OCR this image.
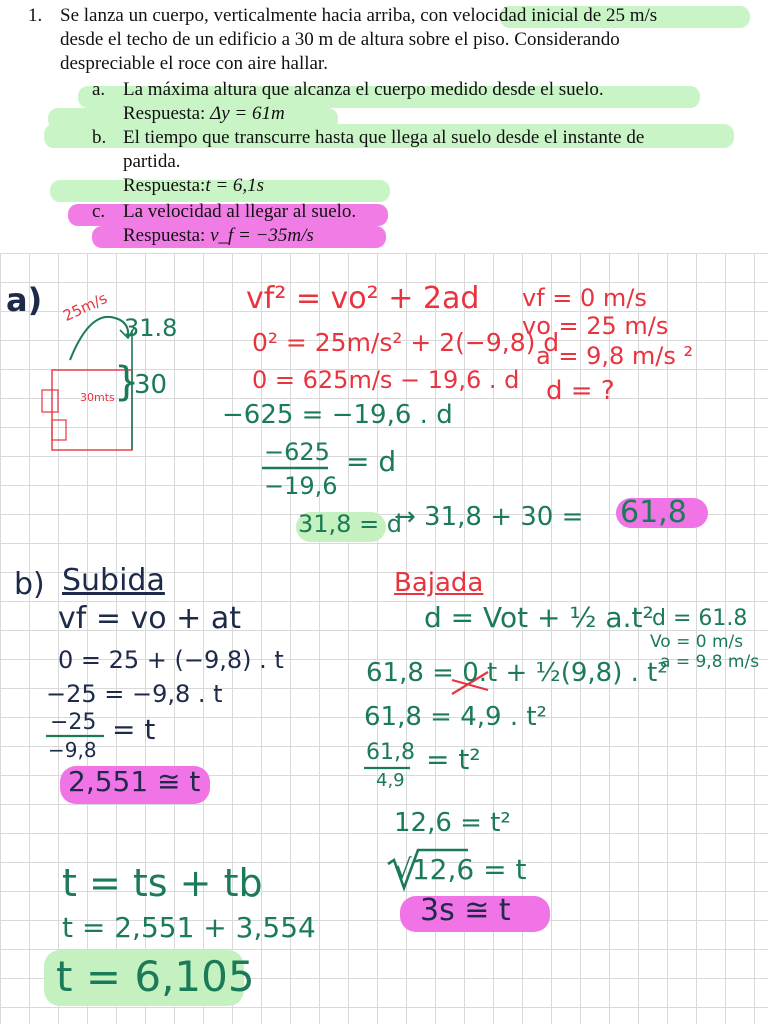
1. Se lanza un cuerpo, verticalmente hacia arriba, con velocidad inicial de 25 m/s
desde el techo de un edificio a 30 m de altura sobre el piso. Considerando
despreciable el roce con aire hallar.
a. La máxima altura que alcanza el cuerpo medido desde el suelo.
Respuesta: Δy = 61m
b. El tiempo que transcurre hasta que llega al suelo desde el instante de
partida.
Respuesta:t = 6,1s
c. La velocidad al llegar al suelo.
Respuesta: v_f = −35m/s
25m/s
31.8
30mts }
30
a)	vf² = vo² + 2ad
0² = 25m/s² + 2(−9,8) d
0 = 625m/s − 19,6 . d
−625 = −19,6 . d
−625
−19,6
= d
31,8 = d
→ 31,8 + 30 = 61,8
vf = 0 m/s
vo = 25 m/s
a = 9,8 m/s ²
d = ?
b) Subida
vf = vo + at
0 = 25 + (−9,8) . t
−25 = −9,8 . t
−25
−9,8
= t
2,551 ≅ t
t = ts + tb
t = 2,551 + 3,554
t = 6,105
Bajada
d = Vot + ½ a.t²
61,8 = 0.t + ½(9,8) . t²
61,8 = 4,9 . t²
61,8
4,9
= t²
12,6 = t²
√12,6 = t
3s ≅ t
d = 61.8
Vo = 0 m/s
a = 9,8 m/s
